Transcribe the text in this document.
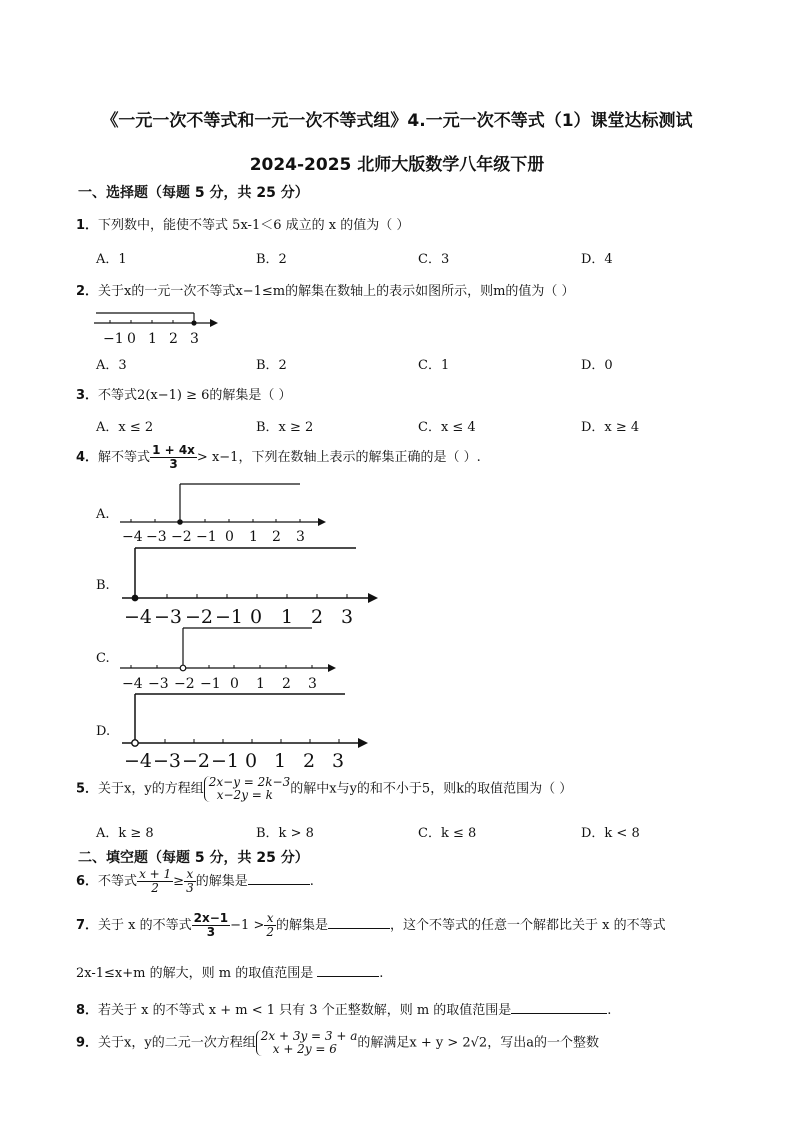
《一元一次不等式和一元一次不等式组》4.一元一次不等式（1）课堂达标测试
2024-2025 北师大版数学八年级下册
一、选择题（每题 5 分，共 25 分）
1．下列数中，能使不等式 5x-1＜6 成立的 x 的值为（ ）
A．1	B．2	C．3	D．4
2．关于x的一元一次不等式x−1≤m的解集在数轴上的表示如图所示，则m的值为（ ）
−1 0 1 2 3
A．3	B．2	C．1	D．0
3．不等式2(x−1) ≥ 6的解集是（ ）
A．x ≤ 2	B．x ≥ 2	C．x ≤ 4	D．x ≥ 4
4．解不等式 $\frac{1 + 4x}{3} > x-1$，下列在数轴上表示的解集正确的是（ ）.
A.
−4 −3 −2 −1 0 1 2 3
B.
−4 −3 −2 −1 0 1 2 3
C.
−4 −3 −2 −1 0 1 2 3
D.
−4 −3 −2 −1 0 1 2 3
5．关于x，y的方程组 2x−y = 2k−3
x−2y = k	的解中x与y的和不小于5，则k的取值范围为（ ）
A．k ≥ 8	B．k > 8	C．k ≤ 8	D．k < 8
二、填空题（每题 5 分，共 25 分）
6．不等式 $\frac{x + 1}{2} \ge \frac{x}{3}$ 的解集是	.
7．关于 x 的不等式 $\frac{2x-1}{3} -1 > \frac{x}{2}$ 的解集是	，这个不等式的任意一个解都比关于 x 的不等式
2x-1≤x+m 的解大，则 m 的取值范围是	.
8．若关于 x 的不等式 x + m < 1 只有 3 个正整数解，则 m 的取值范围是	.
9．关于x，y的二元一次方程组 2x + 3y = 3 + a
x + 2y = 6	的解满足x + y > 2√2，写出a的一个整数
